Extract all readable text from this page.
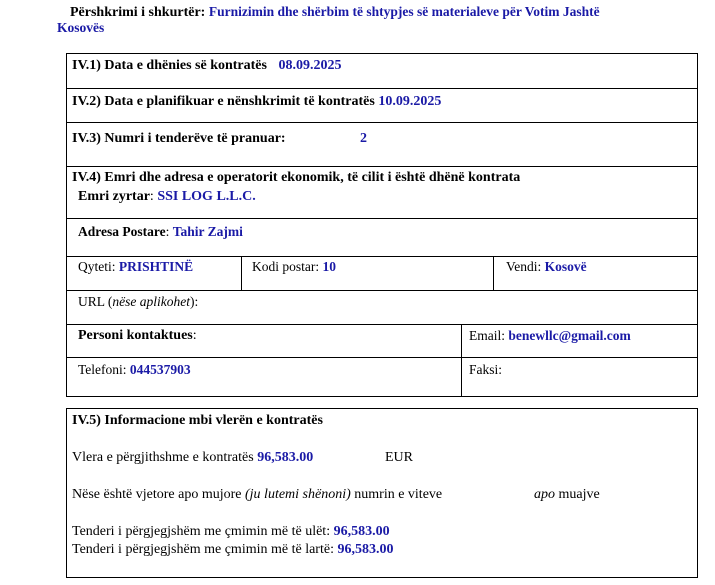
Përshkrimi i shkurtër: Furnizimin dhe shërbim të shtypjes së materialeve për Votim Jashtë
Kosovës
IV.1) Data e dhënies së kontratës 08.09.2025
IV.2) Data e planifikuar e nënshkrimit të kontratës 10.09.2025
IV.3) Numri i tenderëve të pranuar:	2
IV.4) Emri dhe adresa e operatorit ekonomik, të cilit i është dhënë kontrata
Emri zyrtar: SSI LOG L.L.C.
Adresa Postare: Tahir Zajmi
Qyteti: PRISHTINË	Kodi postar: 10	Vendi: Kosovë
URL (nëse aplikohet):
Personi kontaktues:	Email: benewllc@gmail.com
Telefoni: 044537903	Faksi:
IV.5) Informacione mbi vlerën e kontratës
Vlera e përgjithshme e kontratës 96,583.00	EUR
Nëse është vjetore apo mujore (ju lutemi shënoni) numrin e viteve	apo muajve
Tenderi i përgjegjshëm me çmimin më të ulët: 96,583.00
Tenderi i përgjegjshëm me çmimin më të lartë: 96,583.00
